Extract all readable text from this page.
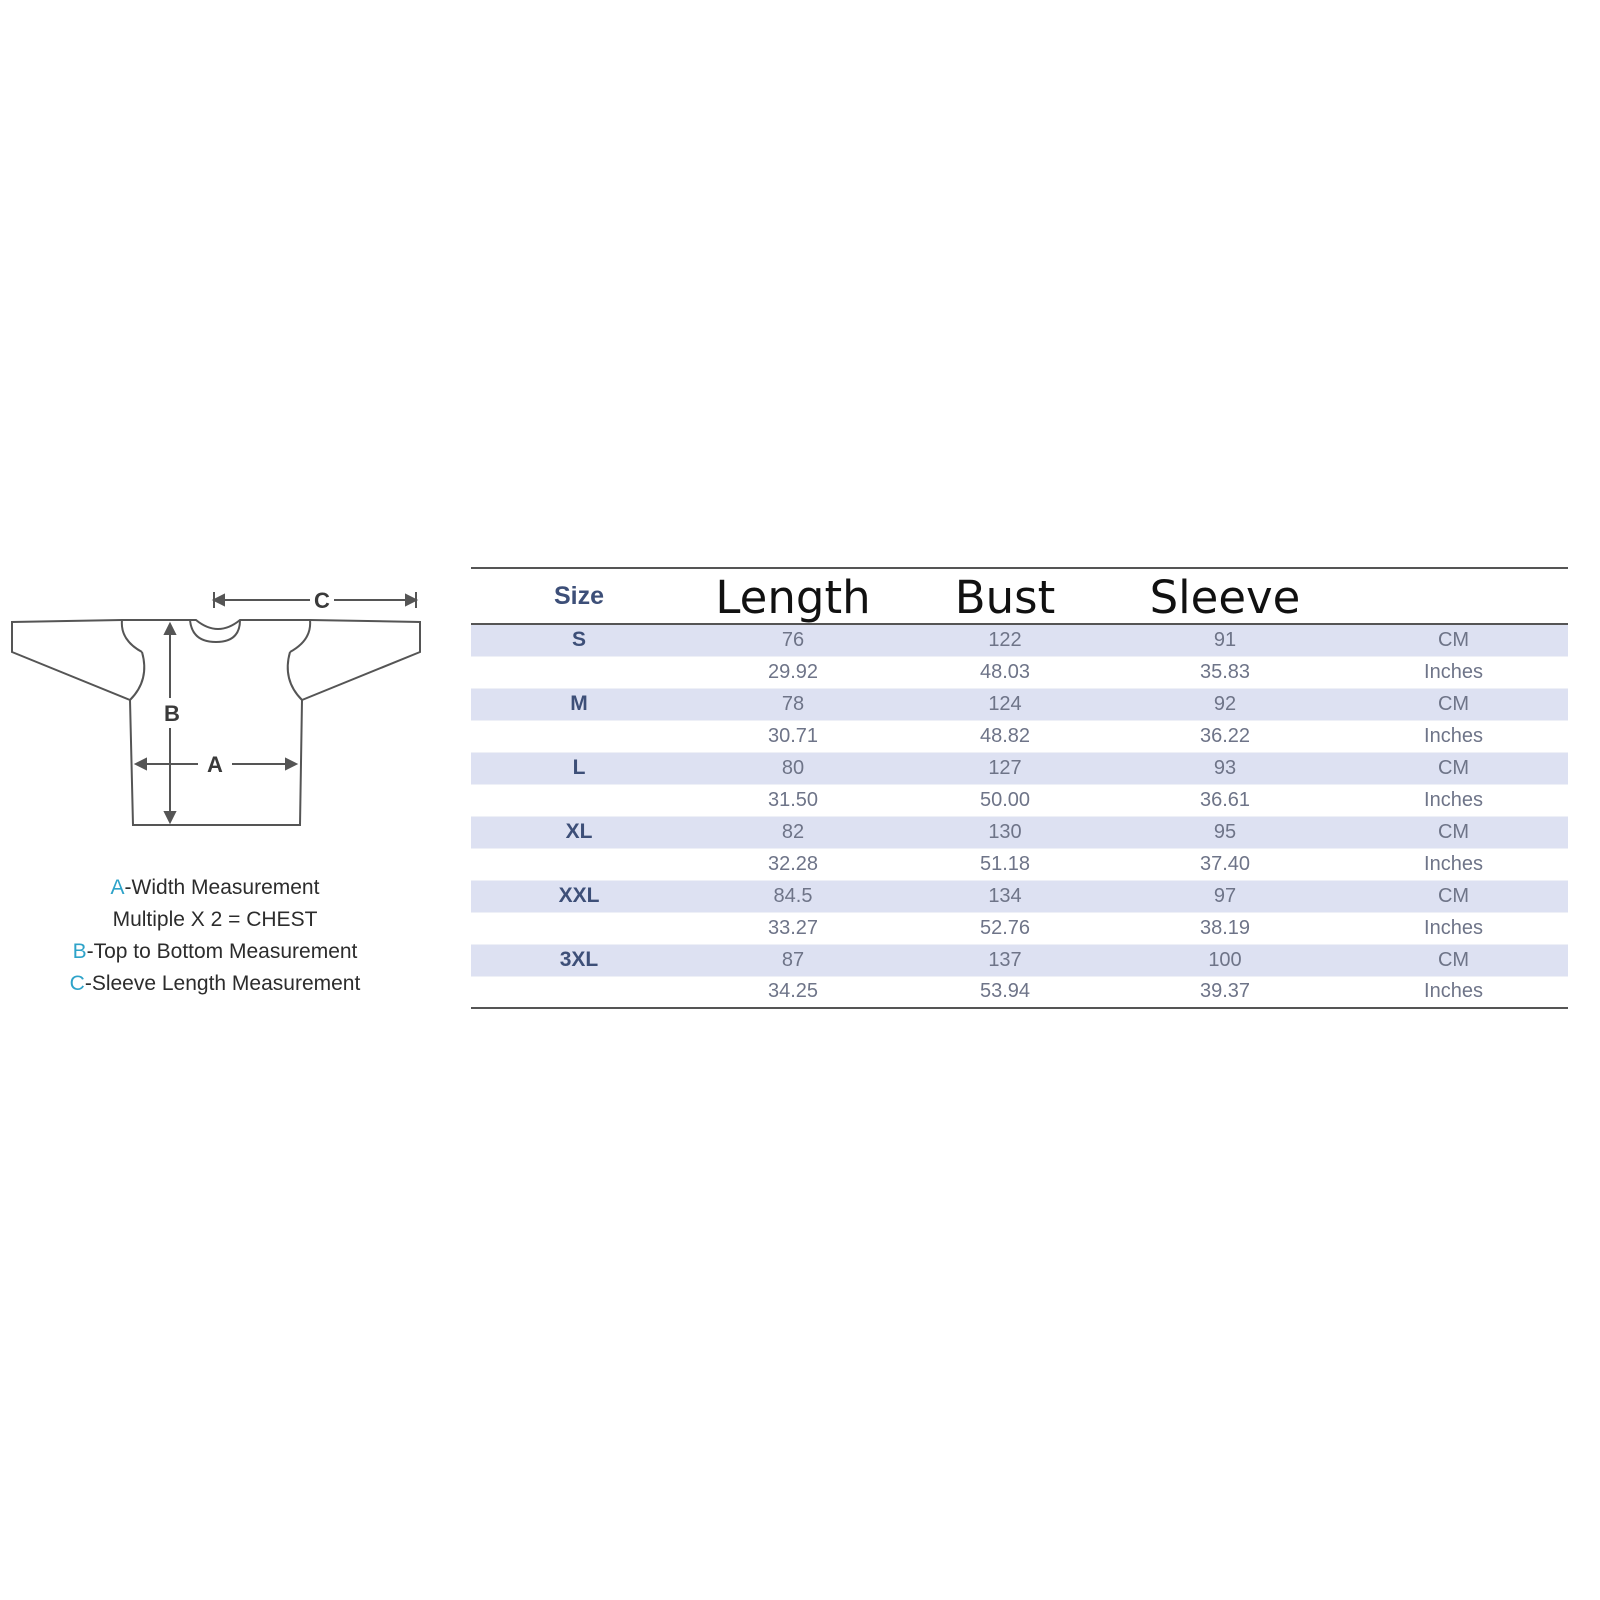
C
B
A
A-Width Measurement
Multiple X 2 = CHEST
B-Top to Bottom Measurement
C-Sleeve Length Measurement
Size	Length	Bust	Sleeve	
S	76	122	91	CM
	29.92	48.03	35.83	Inches
M	78	124	92	CM
	30.71	48.82	36.22	Inches
L	80	127	93	CM
	31.50	50.00	36.61	Inches
XL	82	130	95	CM
	32.28	51.18	37.40	Inches
XXL	84.5	134	97	CM
	33.27	52.76	38.19	Inches
3XL	87	137	100	CM
	34.25	53.94	39.37	Inches
